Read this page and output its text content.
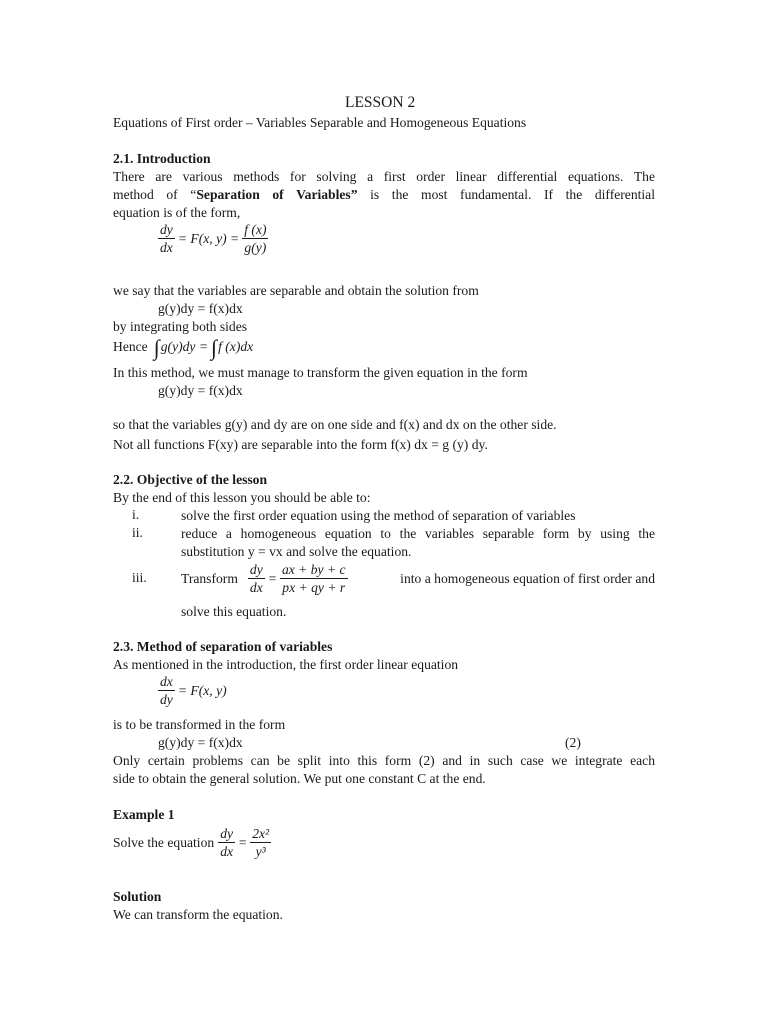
LESSON 2
Equations of First order – Variables Separable and Homogeneous Equations
2.1. Introduction
There are various methods for solving a first order linear differential equations. The
method of “Separation of Variables” is the most fundamental. If the differential
equation is of the form,
$\frac{dy}{dx} = F(x$, $y) = \frac{f (x)}{g(y)}$
we say that the variables are separable and obtain the solution from
g(y)dy = f(x)dx
by integrating both sides
Hence ∫ g(y)dy = ∫ f (x)dx
In this method, we must manage to transform the given equation in the form
g(y)dy = f(x)dx
so that the variables g(y) and dy are on one side and f(x) and dx on the other side.
Not all functions F(xy) are separable into the form f(x) dx = g (y) dy.
2.2. Objective of the lesson
By the end of this lesson you should be able to:
i.	solve the first order equation using the method of separation of variables
ii.	reduce a homogeneous equation to the variables separable form by using the
substitution y = vx and solve the equation.
iii.	Transform $\frac{dy}{dx} = \frac{ax + by + c}{px + qy + r}$	into a homogeneous equation of first order and
solve this equation.
2.3. Method of separation of variables
As mentioned in the introduction, the first order linear equation
$\frac{dx}{dy} = F(x$, y)
is to be transformed in the form
g(y)dy = f(x)dx	(2)
Only certain problems can be split into this form (2) and in such case we integrate each
side to obtain the general solution. We put one constant C at the end.
Example 1
Solve the equation $\frac{dy}{dx} = \frac{\text{2x²}}{\text{y³}}$
Solution
We can transform the equation.
